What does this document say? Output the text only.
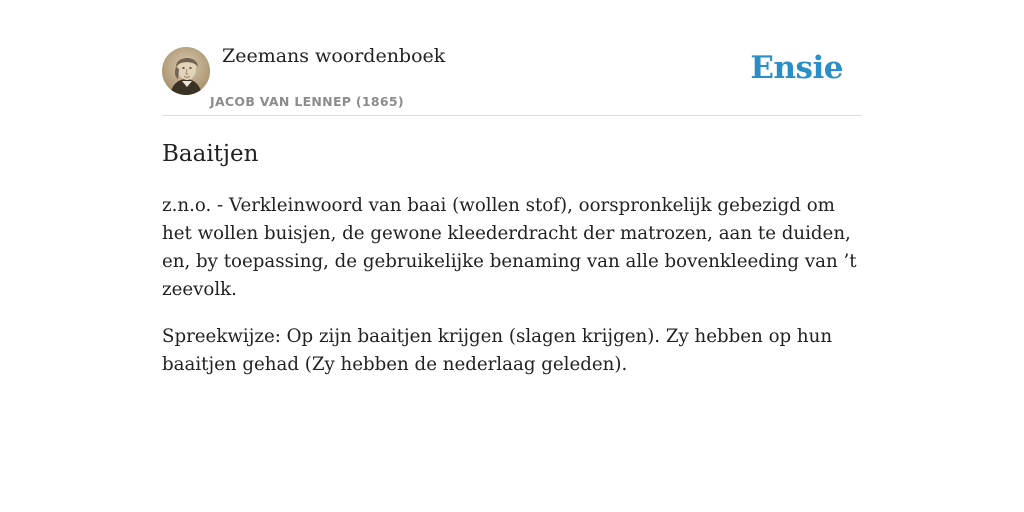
Zeemans woordenboek
JACOB VAN LENNEP (1865)
Ensie
Baaitjen

z.n.o. - Verkleinwoord van baai (wollen stof), oorspronkelijk gebezigd om het wollen buisjen, de gewone kleederdracht der matrozen, aan te duiden, en, by toepassing, de gebruikelijke benaming van alle bovenkleeding van ’t zeevolk.

Spreekwijze: Op zijn baaitjen krijgen (slagen krijgen). Zy hebben op hun baaitjen gehad (Zy hebben de nederlaag geleden).
